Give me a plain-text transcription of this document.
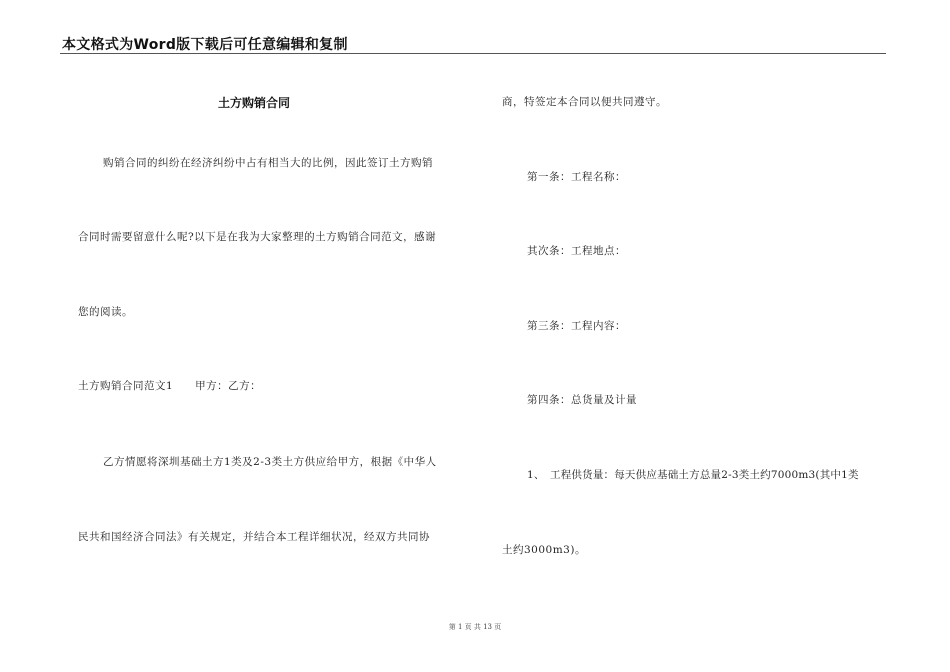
本文格式为Word版下载后可任意编辑和复制
土方购销合同
购销合同的纠纷在经济纠纷中占有相当大的比例，因此签订土方购销
合同时需要留意什么呢?以下是在我为大家整理的土方购销合同范文，感谢
您的阅读。
土方购销合同范文1　　甲方：乙方：
乙方情愿将深圳基础土方1类及2-3类土方供应给甲方，根据《中华人
民共和国经济合同法》有关规定，并结合本工程详细状况，经双方共同协
商，特签定本合同以便共同遵守。
第一条：工程名称：
其次条：工程地点：
第三条：工程内容：
第四条：总货量及计量
1、　工程供货量：每天供应基础土方总量2-3类土约7000m3(其中1类
土约3000m3)。
第 1 页 共 13 页
